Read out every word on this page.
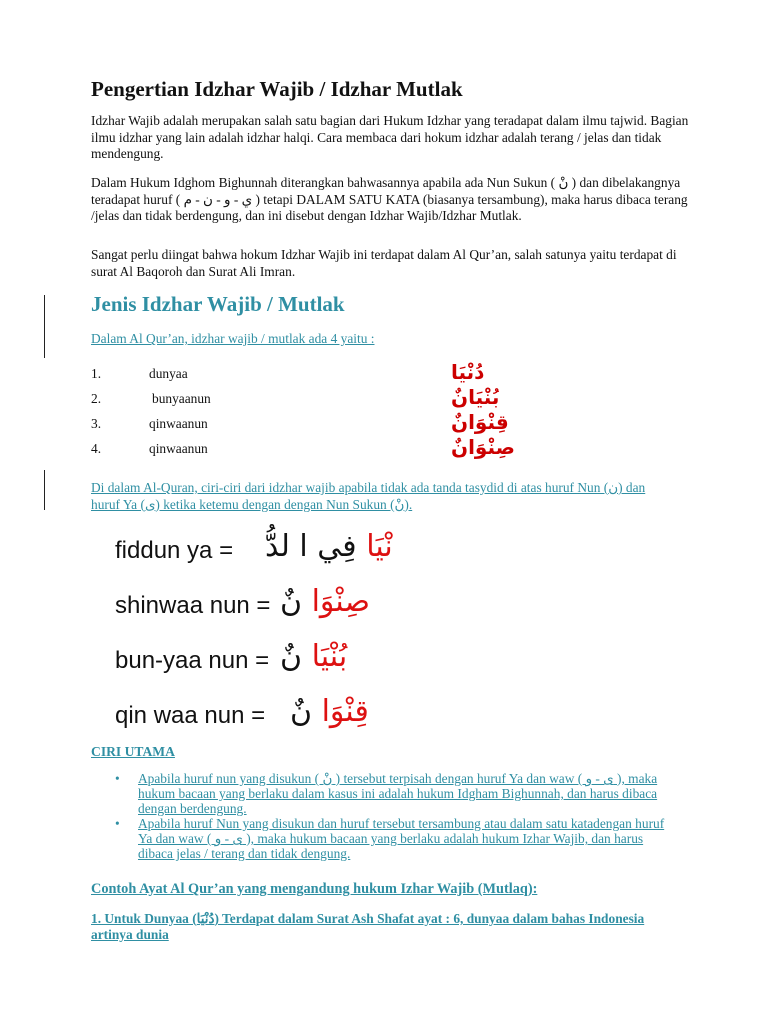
Pengertian Idzhar Wajib / Idzhar Mutlak

Idzhar Wajib adalah merupakan salah satu bagian dari Hukum Idzhar yang teradapat dalam ilmu tajwid. Bagian ilmu idzhar yang lain adalah idzhar halqi. Cara membaca dari hokum idzhar adalah terang / jelas dan tidak mendengung.

Dalam Hukum Idghom Bighunnah diterangkan bahwasannya apabila ada Nun Sukun ( نْ ) dan dibelakangnya teradapat huruf ( ي - و - ن - م ) tetapi DALAM SATU KATA (biasanya tersambung), maka harus dibaca terang /jelas dan tidak berdengung, dan ini disebut dengan Idzhar Wajib/Idzhar Mutlak.

Sangat perlu diingat bahwa hokum Idzhar Wajib ini terdapat dalam Al Qur’an, salah satunya yaitu terdapat di surat Al Baqoroh dan Surat Ali Imran.

Jenis Idzhar Wajib / Mutlak

Dalam Al Qur’an, idzhar wajib / mutlak ada 4 yaitu :

1.	dunyaa	دُنْيَا
2.	bunyaanun	بُنْيَانٌ
3.	qinwaanun	قِنْوَانٌ
4.	qinwaanun	صِنْوَانٌ

Di dalam Al-Quran, ciri-ciri dari idzhar wajib apabila tidak ada tanda tasydid di atas huruf Nun (ن) dan huruf Ya (ى) ketika ketemu dengan dengan Nun Sukun (نْ).

fiddun ya =	نْيَا فِي ا لدُّ
shinwaa nun =	صِنْوَا نٌ
bun-yaa nun =	بُنْيَا نٌ
qin waa nun =	قِنْوَا نٌ
CIRI UTAMA
• Apabila huruf nun yang disukun ( نْ ) tersebut terpisah dengan huruf Ya dan waw ( ى - و ), maka hukum bacaan yang berlaku dalam kasus ini adalah hukum Idgham Bighunnah, dan harus dibaca dengan berdengung.
• Apabila huruf Nun yang disukun dan huruf tersebut tersambung atau dalam satu katadengan huruf Ya dan waw ( ى - و ), maka hukum bacaan yang berlaku adalah hukum Izhar Wajib, dan harus dibaca jelas / terang dan tidak dengung.
Contoh Ayat Al Qur’an yang mengandung hukum Izhar Wajib (Mutlaq):

1. Untuk Dunyaa (دُنْيَا) Terdapat dalam Surat Ash Shafat ayat : 6, dunyaa dalam bahas Indonesia artinya dunia
